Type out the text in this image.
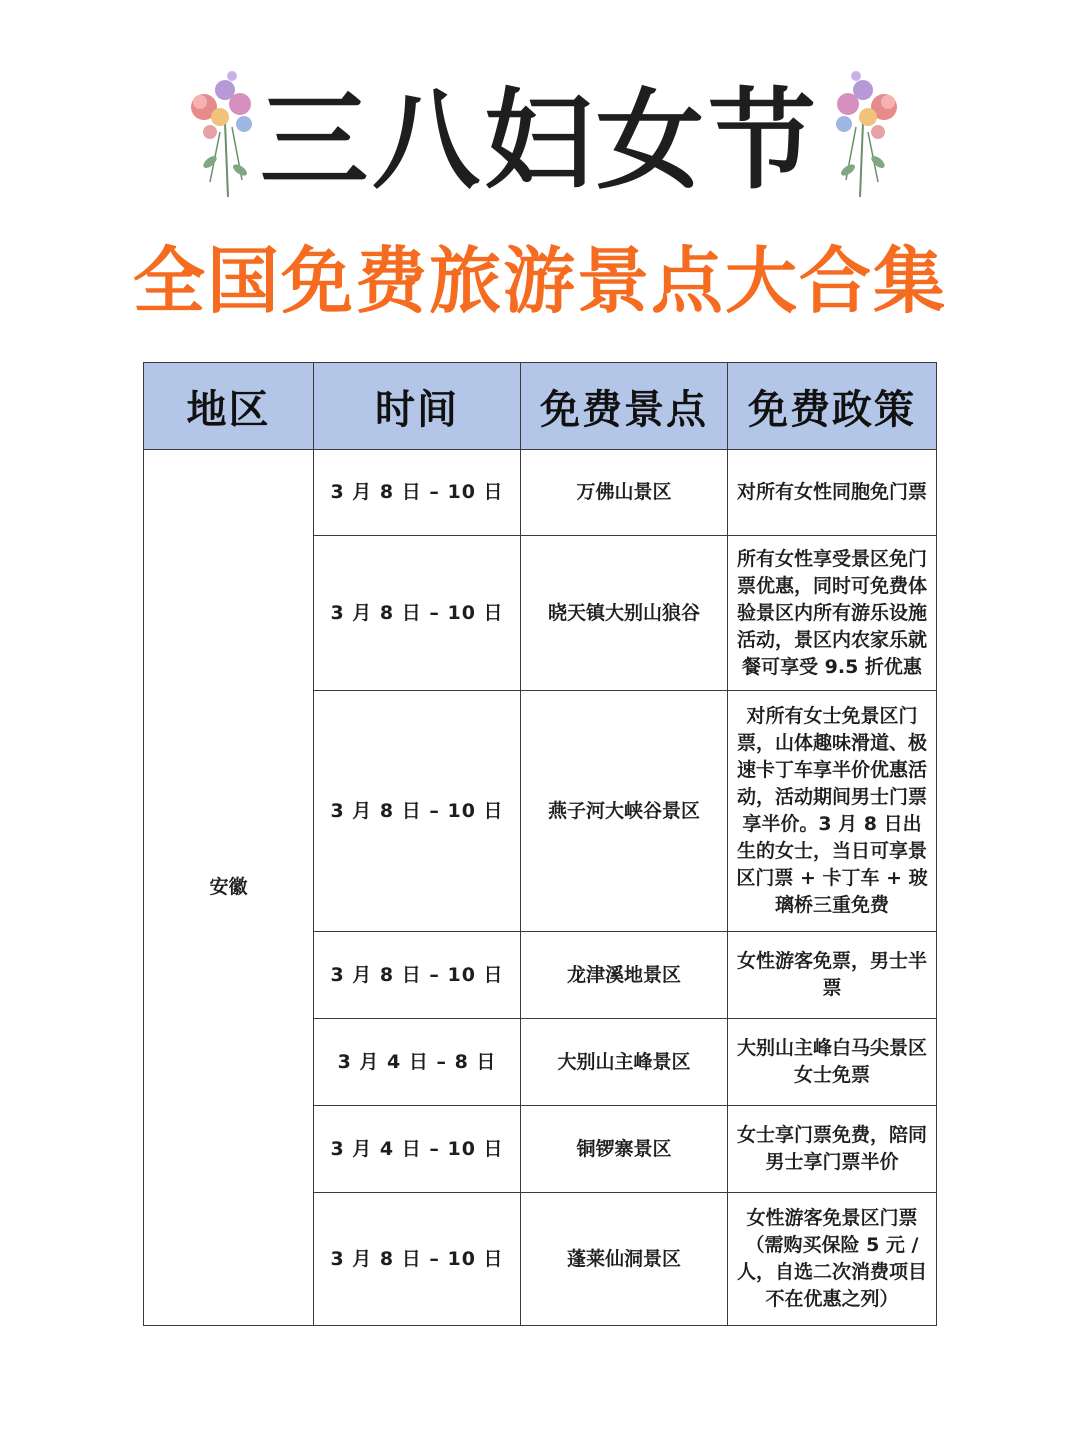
三八妇女节
全国免费旅游景点大合集
地区	时间	免费景点	免费政策
安徽	3 月 8 日 – 10 日	万佛山景区	对所有女性同胞免门票
	3 月 8 日 – 10 日	晓天镇大别山狼谷	所有女性享受景区免门票优惠，同时可免费体验景区内所有游乐设施活动，景区内农家乐就餐可享受 9.5 折优惠
	3 月 8 日 – 10 日	燕子河大峡谷景区	对所有女士免景区门票，山体趣味滑道、极速卡丁车享半价优惠活动，活动期间男士门票享半价。3 月 8 日出生的女士，当日可享景区门票 + 卡丁车 + 玻璃桥三重免费
	3 月 8 日 – 10 日	龙津溪地景区	女性游客免票，男士半票
	3 月 4 日 – 8 日	大别山主峰景区	大别山主峰白马尖景区女士免票
	3 月 4 日 – 10 日	铜锣寨景区	女士享门票免费，陪同男士享门票半价
	3 月 8 日 – 10 日	蓬莱仙洞景区	女性游客免景区门票（需购买保险 5 元 / 人，自选二次消费项目不在优惠之列）
